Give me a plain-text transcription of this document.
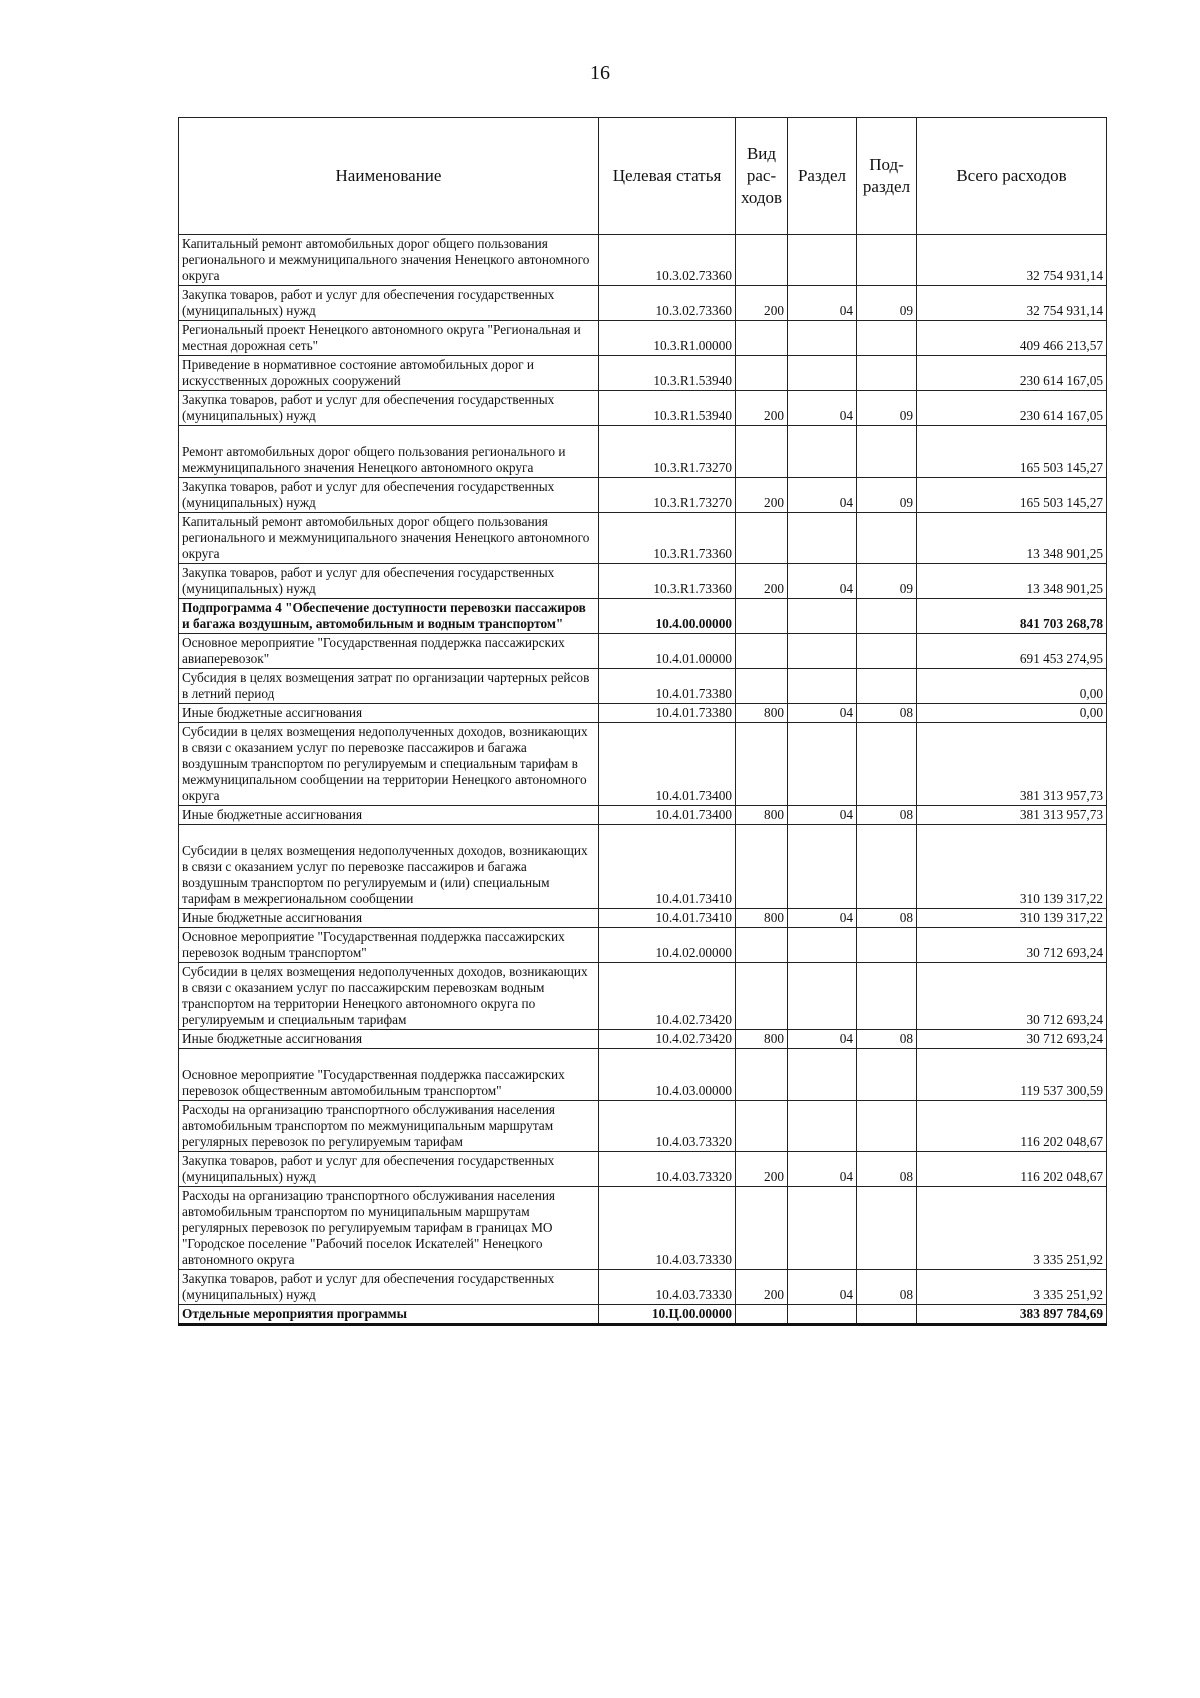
16
Наименование	Целевая статья	Вид рас- ходов	Раздел	Под- раздел	Всего расходов
Капитальный ремонт автомобильных дорог общего пользования регионального и межмуниципального значения Ненецкого автономного округа	10.3.02.73360				32 754 931,14
Закупка товаров, работ и услуг для обеспечения государственных (муниципальных) нужд	10.3.02.73360	200	04	09	32 754 931,14
Региональный проект Ненецкого автономного округа "Региональная и местная дорожная сеть"	10.3.R1.00000				409 466 213,57
Приведение в нормативное состояние автомобильных дорог и искусственных дорожных сооружений	10.3.R1.53940				230 614 167,05
Закупка товаров, работ и услуг для обеспечения государственных (муниципальных) нужд	10.3.R1.53940	200	04	09	230 614 167,05
Ремонт автомобильных дорог общего пользования регионального и межмуниципального значения Ненецкого автономного округа	10.3.R1.73270				165 503 145,27
Закупка товаров, работ и услуг для обеспечения государственных (муниципальных) нужд	10.3.R1.73270	200	04	09	165 503 145,27
Капитальный ремонт автомобильных дорог общего пользования регионального и межмуниципального значения Ненецкого автономного округа	10.3.R1.73360				13 348 901,25
Закупка товаров, работ и услуг для обеспечения государственных (муниципальных) нужд	10.3.R1.73360	200	04	09	13 348 901,25
Подпрограмма 4 "Обеспечение доступности перевозки пассажиров и багажа воздушным, автомобильным и водным транспортом"	10.4.00.00000				841 703 268,78
Основное мероприятие "Государственная поддержка пассажирских авиаперевозок"	10.4.01.00000				691 453 274,95
Субсидия в целях возмещения затрат по организации чартерных рейсов в летний период	10.4.01.73380				0,00
Иные бюджетные ассигнования	10.4.01.73380	800	04	08	0,00
Субсидии в целях возмещения недополученных доходов, возникающих в связи с оказанием услуг по перевозке пассажиров и багажа воздушным транспортом по регулируемым и специальным тарифам в межмуниципальном сообщении на территории Ненецкого автономного округа	10.4.01.73400				381 313 957,73
Иные бюджетные ассигнования	10.4.01.73400	800	04	08	381 313 957,73
Субсидии в целях возмещения недополученных доходов, возникающих в связи с оказанием услуг по перевозке пассажиров и багажа воздушным транспортом по регулируемым и (или) специальным тарифам в межрегиональном сообщении	10.4.01.73410				310 139 317,22
Иные бюджетные ассигнования	10.4.01.73410	800	04	08	310 139 317,22
Основное мероприятие "Государственная поддержка пассажирских перевозок водным транспортом"	10.4.02.00000				30 712 693,24
Субсидии в целях возмещения недополученных доходов, возникающих в связи с оказанием услуг по пассажирским перевозкам водным транспортом на территории Ненецкого автономного округа по регулируемым и специальным тарифам	10.4.02.73420				30 712 693,24
Иные бюджетные ассигнования	10.4.02.73420	800	04	08	30 712 693,24
Основное мероприятие "Государственная поддержка пассажирских перевозок общественным автомобильным транспортом"	10.4.03.00000				119 537 300,59
Расходы на организацию транспортного обслуживания населения автомобильным транспортом по межмуниципальным маршрутам регулярных перевозок по регулируемым тарифам	10.4.03.73320				116 202 048,67
Закупка товаров, работ и услуг для обеспечения государственных (муниципальных) нужд	10.4.03.73320	200	04	08	116 202 048,67
Расходы на организацию транспортного обслуживания населения автомобильным транспортом по муниципальным маршрутам регулярных перевозок по регулируемым тарифам в границах МО "Городское поселение "Рабочий поселок Искателей" Ненецкого автономного округа	10.4.03.73330				3 335 251,92
Закупка товаров, работ и услуг для обеспечения государственных (муниципальных) нужд	10.4.03.73330	200	04	08	3 335 251,92
Отдельные мероприятия программы	10.Ц.00.00000				383 897 784,69
